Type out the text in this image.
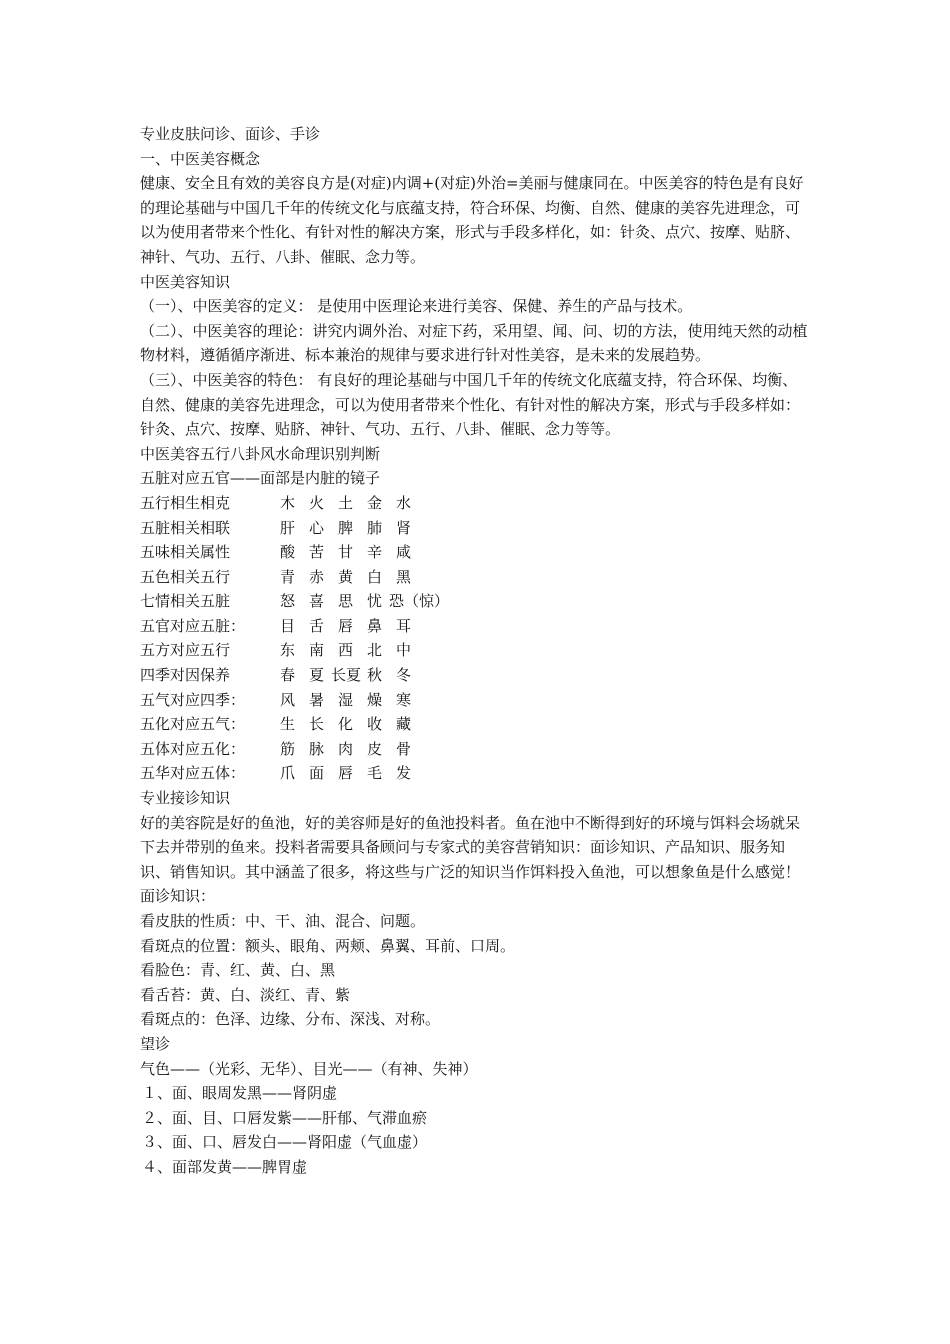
专业皮肤问诊、面诊、手诊
一、中医美容概念
健康、安全且有效的美容良方是(对症)内调+(对症)外治=美丽与健康同在。中医美容的特色是有良好的理论基础与中国几千年的传统文化与底蕴支持，符合环保、均衡、自然、健康的美容先进理念，可以为使用者带来个性化、有针对性的解决方案，形式与手段多样化，如：针灸、点穴、按摩、贴脐、神针、气功、五行、八卦、催眠、念力等。
中医美容知识
（一）、中医美容的定义： 是使用中医理论来进行美容、保健、养生的产品与技术。
（二）、中医美容的理论：讲究内调外治、对症下药，采用望、闻、问、切的方法，使用纯天然的动植物材料，遵循循序渐进、标本兼治的规律与要求进行针对性美容，是未来的发展趋势。
（三）、中医美容的特色： 有良好的理论基础与中国几千年的传统文化底蕴支持，符合环保、均衡、自然、健康的美容先进理念，可以为使用者带来个性化、有针对性的解决方案，形式与手段多样如：针灸、点穴、按摩、贴脐、神针、气功、五行、八卦、催眠、念力等等。
中医美容五行八卦风水命理识别判断
五脏对应五官——面部是内脏的镜子
五行相生相克	木 火 土 金 水
五脏相关相联	肝 心 脾 肺 肾
五味相关属性	酸 苦 甘 辛 咸
五色相关五行	青 赤 黄 白 黑
七情相关五脏	怒 喜 思 忧 恐（惊）
五官对应五脏：	目 舌 唇 鼻 耳
五方对应五行	东 南 西 北 中
四季对因保养	春 夏 长夏 秋 冬
五气对应四季：	风 暑 湿 燥 寒
五化对应五气：	生 长 化 收 藏
五体对应五化：	筋 脉 肉 皮 骨
五华对应五体：	爪 面 唇 毛 发
专业接诊知识
好的美容院是好的鱼池，好的美容师是好的鱼池投料者。鱼在池中不断得到好的环境与饵料会场就呆下去并带别的鱼来。投料者需要具备顾问与专家式的美容营销知识：面诊知识、产品知识、服务知识、销售知识。其中涵盖了很多，将这些与广泛的知识当作饵料投入鱼池，可以想象鱼是什么感觉！
面诊知识：
看皮肤的性质：中、干、油、混合、问题。
看斑点的位置：额头、眼角、两颊、鼻翼、耳前、口周。
看脸色：青、红、黄、白、黑
看舌苔：黄、白、淡红、青、紫
看斑点的：色泽、边缘、分布、深浅、对称。
望诊
气色——（光彩、无华）、目光——（有神、失神）
１、面、眼周发黑——肾阴虚
２、面、目、口唇发紫——肝郁、气滞血瘀
３、面、口、唇发白——肾阳虚（气血虚）
４、面部发黄——脾胃虚
